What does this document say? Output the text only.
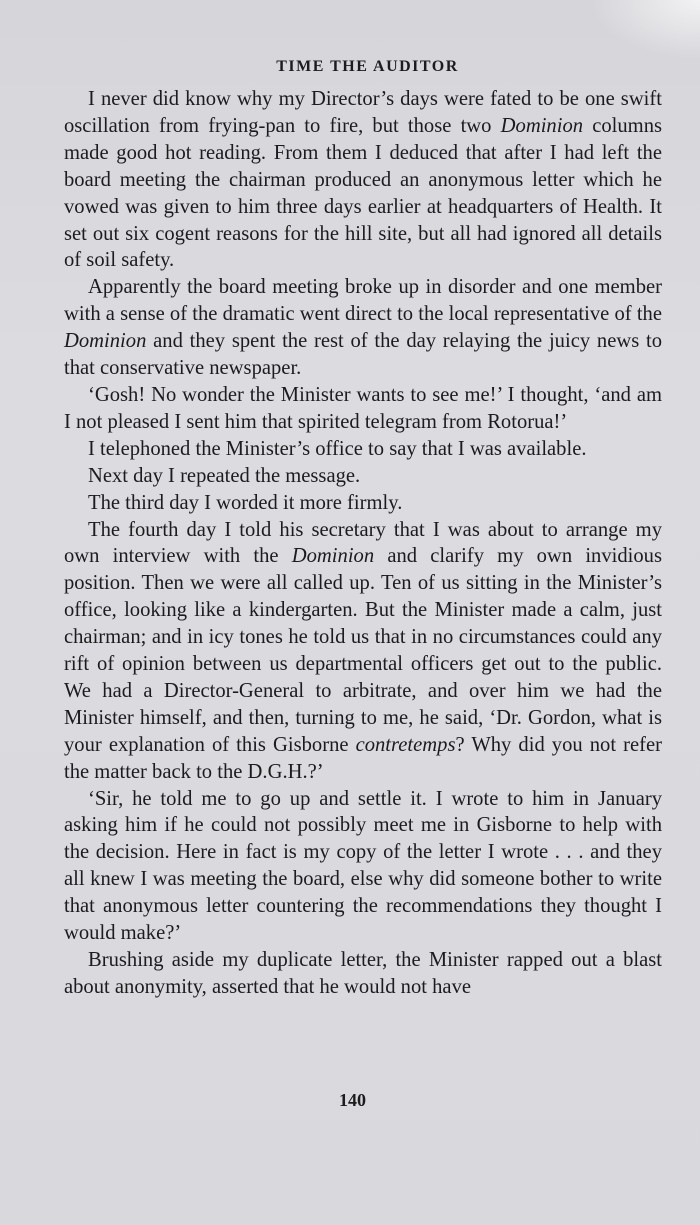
TIME THE AUDITOR

I never did know why my Director’s days were fated to be one swift oscillation from frying-pan to fire, but those two Dominion columns made good hot reading. From them I deduced that after I had left the board meeting the chairman produced an anonymous letter which he vowed was given to him three days earlier at headquarters of Health. It set out six cogent reasons for the hill site, but all had ignored all details of soil safety.

Apparently the board meeting broke up in disorder and one member with a sense of the dramatic went direct to the local representative of the Dominion and they spent the rest of the day relaying the juicy news to that conservative newspaper.

‘Gosh! No wonder the Minister wants to see me!’ I thought, ‘and am I not pleased I sent him that spirited telegram from Rotorua!’

I telephoned the Minister’s office to say that I was available.

Next day I repeated the message.

The third day I worded it more firmly.

The fourth day I told his secretary that I was about to arrange my own interview with the Dominion and clarify my own invidious position. Then we were all called up. Ten of us sitting in the Minister’s office, looking like a kindergarten. But the Minister made a calm, just chairman; and in icy tones he told us that in no circumstances could any rift of opinion between us departmental officers get out to the public. We had a Director-General to arbitrate, and over him we had the Minister himself, and then, turning to me, he said, ‘Dr. Gordon, what is your explanation of this Gisborne contretemps? Why did you not refer the matter back to the D.G.H.?’

‘Sir, he told me to go up and settle it. I wrote to him in January asking him if he could not possibly meet me in Gisborne to help with the decision. Here in fact is my copy of the letter I wrote . . . and they all knew I was meeting the board, else why did someone bother to write that anonymous letter countering the recommendations they thought I would make?’

Brushing aside my duplicate letter, the Minister rapped out a blast about anonymity, asserted that he would not have

140
